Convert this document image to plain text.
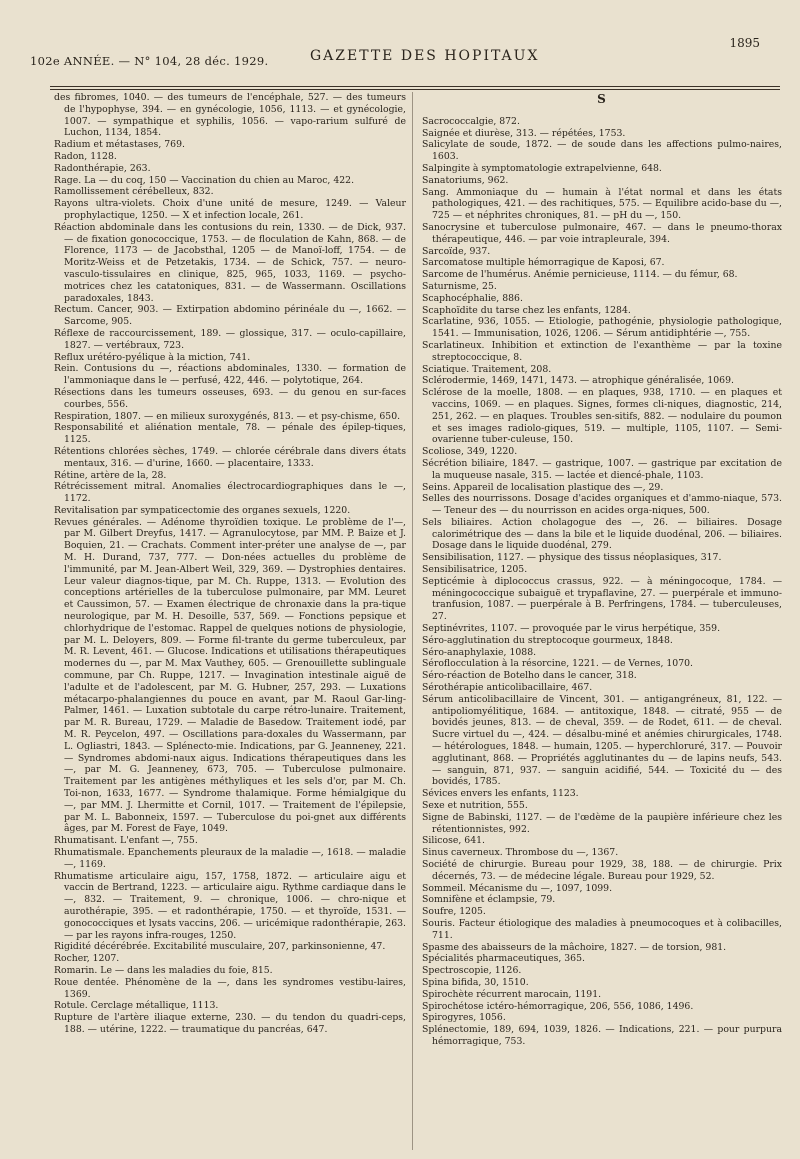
102e ANNÉE. — N° 104, 28 déc. 1929.	GAZETTE DES HOPITAUX
1895
des fibromes, 1040. — des tumeurs de l'encéphale, 527. — des tumeurs de l'hypophyse, 394. — en gynécologie, 1056, 1113. — et gynécologie, 1007. — sympathique et syphilis, 1056. — vapo-rarium sulfuré de Luchon, 1134, 1854.
Radium et métastases, 769.
Radon, 1128.
Radonthérapie, 263.
Rage. La — du coq, 150 — Vaccination du chien au Maroc, 422.
Ramollissement cérébelleux, 832.
Rayons ultra-violets. Choix d'une unité de mesure, 1249. — Valeur prophylactique, 1250. — X et infection locale, 261.
Réaction abdominale dans les contusions du rein, 1330. — de Dick, 937. — de fixation gonococcique, 1753. — de floculation de Kahn, 868. — de Florence, 1173 — de Jacobsthal, 1205 — de Manoï-loff, 1754. — de Moritz-Weiss et de Petzetakis, 1734. — de Schick, 757. — neuro-vasculo-tissulaires en clinique, 825, 965, 1033, 1169. — psycho-motrices chez les catatoniques, 831. — de Wassermann. Oscillations paradoxales, 1843.
Rectum. Cancer, 903. — Extirpation abdomino périnéale du —, 1662. — Sarcome, 905.
Réflexe de raccourcissement, 189. — glossique, 317. — oculo-capillaire, 1827. — vertébraux, 723.
Reflux urétéro-pyélique à la miction, 741.
Rein. Contusions du —, réactions abdominales, 1330. — formation de l'ammoniaque dans le — perfusé, 422, 446. — polytotique, 264.
Résections dans les tumeurs osseuses, 693. — du genou en sur-faces courbes, 556.
Respiration, 1807. — en milieux suroxygénés, 813. — et psy-chisme, 650.
Responsabilité et aliénation mentale, 78. — pénale des épilep-tiques, 1125.
Rétentions chlorées sèches, 1749. — chlorée cérébrale dans divers états mentaux, 316. — d'urine, 1660. — placentaire, 1333.
Rétine, artère de la, 28.
Rétrécissement mitral. Anomalies électrocardiographiques dans le —, 1172.
Revitalisation par sympaticectomie des organes sexuels, 1220.
Revues générales. — Adénome thyroïdien toxique. Le problème de l'—, par M. Gilbert Dreyfus, 1417. — Agranulocytose, par MM. P. Baize et J. Boquien, 21. — Crachats. Comment inter-préter une analyse de —, par M. H. Durand, 737, 777. — Don-nées actuelles du problème de l'immunité, par M. Jean-Albert Weil, 329, 369. — Dystrophies dentaires. Leur valeur diagnos-tique, par M. Ch. Ruppe, 1313. — Evolution des conceptions artérielles de la tuberculose pulmonaire, par MM. Leuret et Caussimon, 57. — Examen électrique de chronaxie dans la pra-tique neurologique, par M. H. Desoille, 537, 569. — Fonctions pepsique et chlorhydrique de l'estomac. Rappel de quelques notions de physiologie, par M. L. Deloyers, 809. — Forme fil-trante du germe tuberculeux, par M. R. Levent, 461. — Glucose. Indications et utilisations thérapeutiques modernes du —, par M. Max Vauthey, 605. — Grenouillette sublinguale commune, par Ch. Ruppe, 1217. — Invagination intestinale aiguë de l'adulte et de l'adolescent, par M. G. Hubner, 257, 293. — Luxations métacarpo-phalangiennes du pouce en avant, par M. Raoul Gar-ling-Palmer, 1461. — Luxation subtotale du carpe rétro-lunaire. Traitement, par M. R. Bureau, 1729. — Maladie de Basedow. Traitement iodé, par M. R. Peycelon, 497. — Oscillations para-doxales du Wassermann, par L. Ogliastri, 1843. — Splénecto-mie. Indications, par G. Jeanneney, 221. — Syndromes abdomi-naux aigus. Indications thérapeutiques dans les —, par M. G. Jeanneney, 673, 705. — Tuberculose pulmonaire. Traitement par les antigènes méthyliques et les sels d'or, par M. Ch. Toi-non, 1633, 1677. — Syndrome thalamique. Forme hémialgique du —, par MM. J. Lhermitte et Cornil, 1017. — Traitement de l'épilepsie, par M. L. Babonneix, 1597. — Tuberculose du poi-gnet aux différents âges, par M. Forest de Faye, 1049.
Rhumatisant. L'enfant —, 755.
Rhumatismale. Epanchements pleuraux de la maladie —, 1618. — maladie —, 1169.
Rhumatisme articulaire aigu, 157, 1758, 1872. — articulaire aigu et vaccin de Bertrand, 1223. — articulaire aigu. Rythme cardiaque dans le —, 832. — Traitement, 9. — chronique, 1006. — chro-nique et aurothérapie, 395. — et radonthérapie, 1750. — et thyroïde, 1531. — gonococciques et lysats vaccins, 206. — uricémique radonthérapie, 263. — par les rayons infra-rouges, 1250.
Rigidité décérébrée. Excitabilité musculaire, 207, parkinsonienne, 47.
Rocher, 1207.
Romarin. Le — dans les maladies du foie, 815.
Roue dentée. Phénomène de la —, dans les syndromes vestibu-laires, 1369.
Rotule. Cerclage métallique, 1113.
Rupture de l'artère iliaque externe, 230. — du tendon du quadri-ceps, 188. — utérine, 1222. — traumatique du pancréas, 647.
S
Sacrococcalgie, 872.
Saignée et diurèse, 313. — répétées, 1753.
Salicylate de soude, 1872. — de soude dans les affections pulmo-naires, 1603.
Salpingite à symptomatologie extrapelvienne, 648.
Sanatoriums, 962.
Sang. Ammoniaque du — humain à l'état normal et dans les états pathologiques, 421. — des rachitiques, 575. — Equilibre acido-base du —, 725 — et néphrites chroniques, 81. — pH du —, 150.
Sanocrysine et tuberculose pulmonaire, 467. — dans le pneumo-thorax thérapeutique, 446. — par voie intrapleurale, 394.
Sarcoïde, 937.
Sarcomatose multiple hémorragique de Kaposi, 67.
Sarcome de l'humérus. Anémie pernicieuse, 1114. — du fémur, 68.
Saturnisme, 25.
Scaphocéphalie, 886.
Scaphoïdite du tarse chez les enfants, 1284.
Scarlatine, 936, 1055. — Etiologie, pathogénie, physiologie pathologique, 1541. — Immunisation, 1026, 1206. — Sérum antidiphtérie —, 755.
Scarlatineux. Inhibition et extinction de l'exanthème — par la toxine streptococcique, 8.
Sciatique. Traitement, 208.
Sclérodermie, 1469, 1471, 1473. — atrophique généralisée, 1069.
Sclérose de la moelle, 1808. — en plaques, 938, 1710. — en plaques et vaccins, 1069. — en plaques. Signes, formes cli-niques, diagnostic, 214, 251, 262. — en plaques. Troubles sen-sitifs, 882. — nodulaire du poumon et ses images radiolo-giques, 519. — multiple, 1105, 1107. — Semi-ovarienne tuber-culeuse, 150.
Scoliose, 349, 1220.
Sécrétion biliaire, 1847. — gastrique, 1007. — gastrique par excitation de la muqueuse nasale, 315. — lactée et diencé-phale, 1103.
Seins. Appareil de localisation plastique des —, 29.
Selles des nourrissons. Dosage d'acides organiques et d'ammo-niaque, 573. — Teneur des — du nourrisson en acides orga-niques, 500.
Sels biliaires. Action cholagogue des —, 26. — biliaires. Dosage calorimétrique des — dans la bile et le liquide duodénal, 206. — biliaires. Dosage dans le liquide duodénal, 279.
Sensibilisation, 1127. — physique des tissus néoplasiques, 317.
Sensibilisatrice, 1205.
Septicémie à diplococcus crassus, 922. — à méningocoque, 1784. — méningococcique subaiguë et trypaflavine, 27. — puerpérale et immuno-tranfusion, 1087. — puerpérale à B. Perfringens, 1784. — tuberculeuses, 27.
Septinévrites, 1107. — provoquée par le virus herpétique, 359.
Séro-agglutination du streptocoque gourmeux, 1848.
Séro-anaphylaxie, 1088.
Séroflocculation à la résorcine, 1221. — de Vernes, 1070.
Séro-réaction de Botelho dans le cancer, 318.
Sérothérapie anticolibacillaire, 467.
Sérum anticolibacillaire de Vincent, 301. — antigangréneux, 81, 122. — antipoliomyélitique, 1684. — antitoxique, 1848. — citraté, 955 — de bovidés jeunes, 813. — de cheval, 359. — de Rodet, 611. — de cheval. Sucre virtuel du —, 424. — désalbu-miné et anémies chirurgicales, 1748. — hétérologues, 1848. — humain, 1205. — hyperchloruré, 317. — Pouvoir agglutinant, 868. — Propriétés agglutinantes du — de lapins neufs, 543. — sanguin, 871, 937. — sanguin acidifié, 544. — Toxicité du — des bovidés, 1785.
Sévices envers les enfants, 1123.
Sexe et nutrition, 555.
Signe de Babinski, 1127. — de l'œdème de la paupière inférieure chez les rétentionnistes, 992.
Silicose, 641.
Sinus caverneux. Thrombose du —, 1367.
Société de chirurgie. Bureau pour 1929, 38, 188. — de chirurgie. Prix décernés, 73. — de médecine légale. Bureau pour 1929, 52.
Sommeil. Mécanisme du —, 1097, 1099.
Somnifène et éclampsie, 79.
Soufre, 1205.
Souris. Facteur étiologique des maladies à pneumocoques et à colibacilles, 711.
Spasme des abaisseurs de la mâchoire, 1827. — de torsion, 981.
Spécialités pharmaceutiques, 365.
Spectroscopie, 1126.
Spina bifida, 30, 1510.
Spirochète récurrent marocain, 1191.
Spirochétose ictéro-hémorragique, 206, 556, 1086, 1496.
Spirogyres, 1056.
Splénectomie, 189, 694, 1039, 1826. — Indications, 221. — pour purpura hémorragique, 753.
